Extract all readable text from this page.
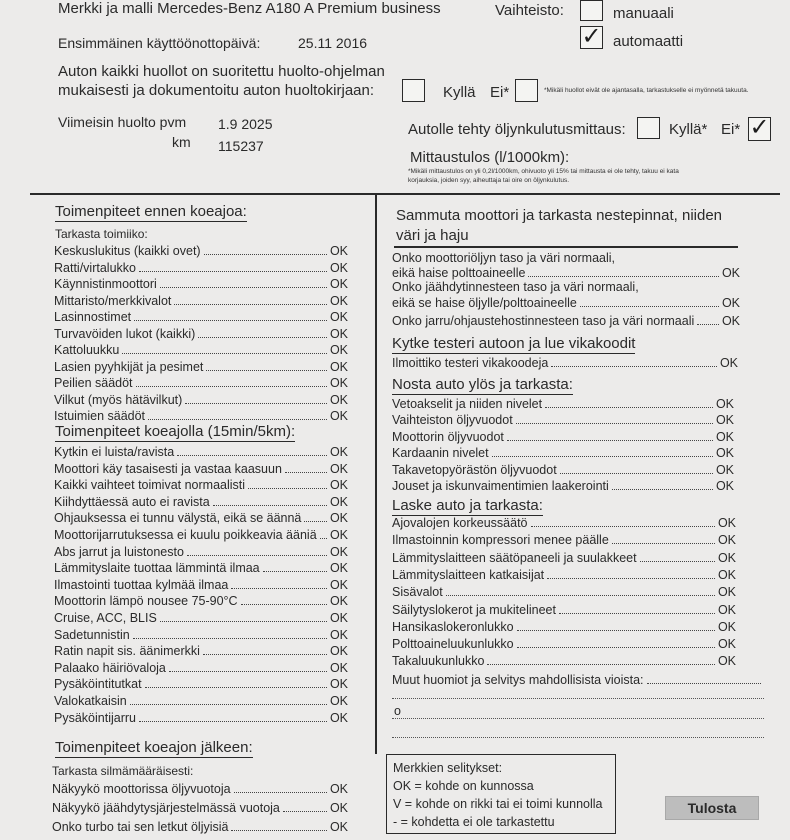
Merkki ja malli Mercedes-Benz A180 A Premium business	Vaihteisto:	manuaali
Ensimmäinen käyttöönottopäivä:	25.11 2016	✓ automaatti
Auton kaikki huollot on suoritettu huolto-ohjelman
mukaisesti ja dokumentoitu auton huoltokirjaan:	Kyllä Ei*	*Mikäli huollot eivät ole ajantasalla, tarkastukselle ei myönnetä takuuta.
Viimeisin huolto pvm 1.9 2025
km 115237
Autolle tehty öljynkulutusmittaus:	Kyllä* Ei* ✓
Mittaustulos (l/1000km):
*Mikäli mittaustulos on yli 0,2l/1000km, ohivuoto yli 15% tai mittausta ei ole tehty, takuu ei kata korjauksia, joiden syy, aiheuttaja tai oire on öljynkulutus.
Toimenpiteet ennen koeajoa:
Tarkasta toimiiko:
Keskuslukitus (kaikki ovet)	OK
Ratti/virtalukko	OK
Käynnistinmoottori	OK
Mittaristo/merkkivalot	OK
Lasinnostimet	OK
Turvavöiden lukot (kaikki)	OK
Kattoluukku	OK
Lasien pyyhkijät ja pesimet	OK
Peilien säädöt	OK
Vilkut (myös hätävilkut)	OK
Istuimien säädöt	OK
Toimenpiteet koeajolla (15min/5km):
Kytkin ei luista/ravista	OK
Moottori käy tasaisesti ja vastaa kaasuun	OK
Kaikki vaihteet toimivat normaalisti	OK
Kiihdyttäessä auto ei ravista	OK
Ohjauksessa ei tunnu välystä, eikä se äännä OK
Moottorijarrutuksessa ei kuulu poikkeavia ääniä OK
Abs jarrut ja luistonesto	OK
Lämmityslaite tuottaa lämmintä ilmaa	OK
Ilmastointi tuottaa kylmää ilmaa	OK
Moottorin lämpö nousee 75-90°C	OK
Cruise, ACC, BLIS	OK
Sadetunnistin	OK
Ratin napit sis. äänimerkki	OK
Palaako häiriövaloja	OK
Pysäköintitutkat	OK
Valokatkaisin	OK
Pysäköintijarru	OK
Toimenpiteet koeajon jälkeen:
Tarkasta silmämääräisesti:
Näkyykö moottorissa öljyvuotoja	OK
Näkyykö jäähdytysjärjestelmässä vuotoja	OK
Onko turbo tai sen letkut öljyisiä	OK
Sammuta moottori ja tarkasta nestepinnat, niiden
väri ja haju
Onko moottoriöljyn taso ja väri normaali,
eikä haise polttoaineelle	OK
Onko jäähdytinnesteen taso ja väri normaali,
eikä se haise öljylle/polttoaineelle	OK
Onko jarru/ohjaustehostinnesteen taso ja väri normaali OK
Kytke testeri autoon ja lue vikakoodit
Ilmoittiko testeri vikakoodeja	OK
Nosta auto ylös ja tarkasta:
Vetoakselit ja niiden nivelet	OK
Vaihteiston öljyvuodot	OK
Moottorin öljyvuodot	OK
Kardaanin nivelet	OK
Takavetopyörästön öljyvuodot	OK
Jouset ja iskunvaimentimien laakerointi	OK
Laske auto ja tarkasta:
Ajovalojen korkeussäätö	OK
Ilmastoinnin kompressori menee päälle	OK
Lämmityslaitteen säätöpaneeli ja suulakkeet	OK
Lämmityslaitteen katkaisijat	OK
Sisävalot	OK
Säilytyslokerot ja mukitelineet	OK
Hansikaslokeronlukko	OK
Polttoaineluukunlukko	OK
Takaluukunlukko	OK
Muut huomiot ja selvitys mahdollisista vioista:
o
Merkkien selitykset:
OK = kohde on kunnossa
V = kohde on rikki tai ei toimi kunnolla
- = kohdetta ei ole tarkastettu
Tulosta
